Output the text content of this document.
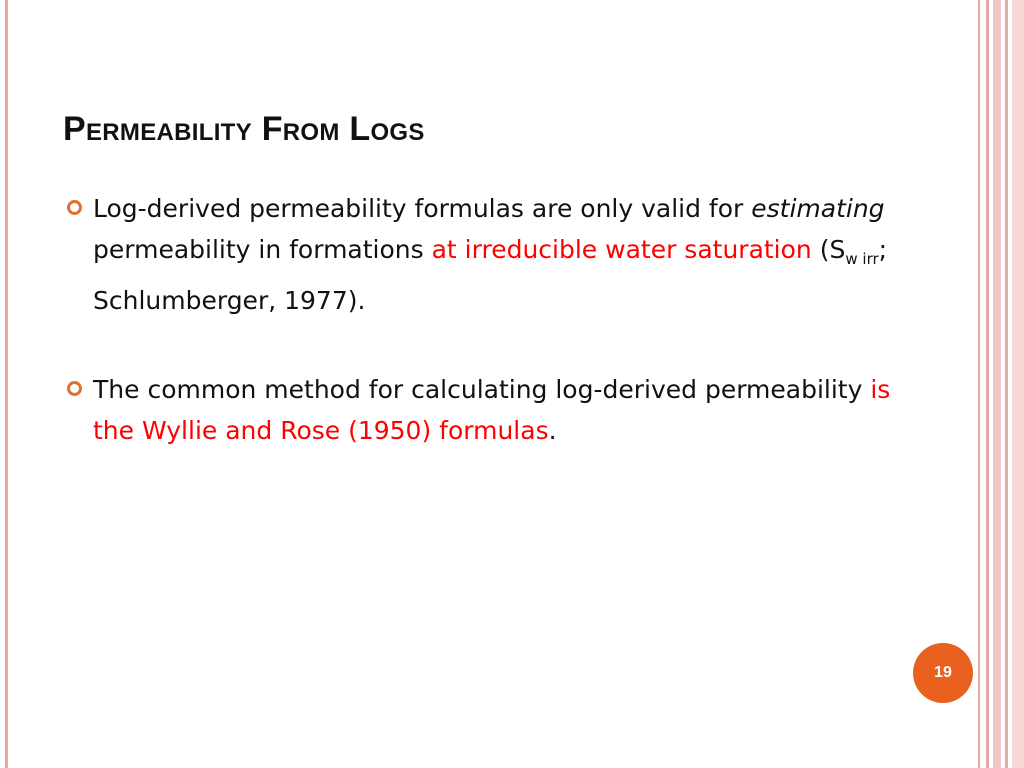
Permeability From Logs
Log-derived permeability formulas are only valid for estimating permeability in formations at irreducible water saturation ($S_{w irr}$; Schlumberger, 1977).
The common method for calculating log-derived permeability is the Wyllie and Rose (1950) formulas.
19
